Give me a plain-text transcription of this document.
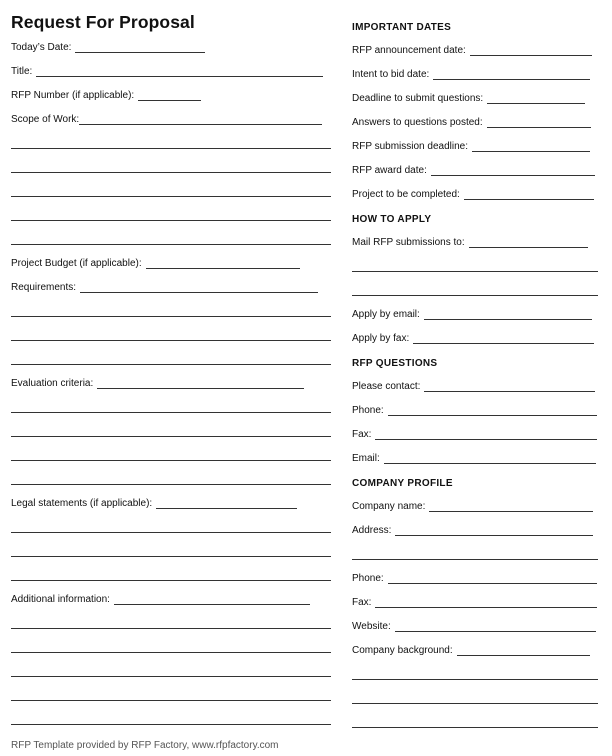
Request For Proposal
Today’s Date:
Title:
RFP Number (if applicable):
Scope of Work:
Project Budget (if applicable):
Requirements:
Evaluation criteria:
Legal statements (if applicable):
Additional information:
IMPORTANT DATES
RFP announcement date:
Intent to bid date:
Deadline to submit questions:
Answers to questions posted:
RFP submission deadline:
RFP award date:
Project to be completed:
HOW TO APPLY
Mail RFP submissions to:
Apply by email:
Apply by fax:
RFP QUESTIONS
Please contact:
Phone:
Fax:
Email:
COMPANY PROFILE
Company name:
Address:
Phone:
Fax:
Website:
Company background:
RFP Template provided by RFP Factory, www.rfpfactory.com
